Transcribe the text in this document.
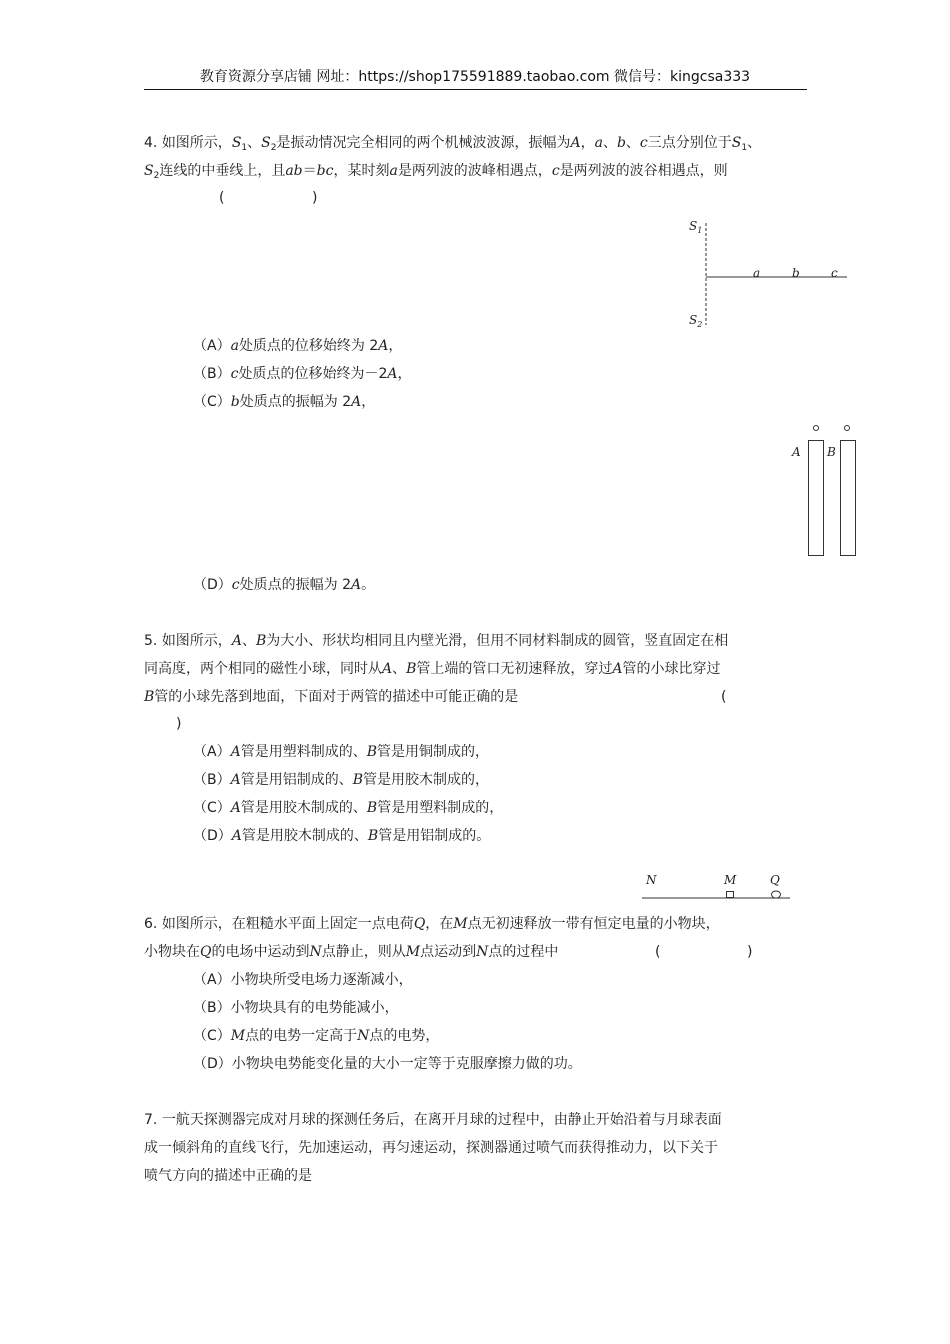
教育资源分享店铺 网址：https://shop175591889.taobao.com 微信号：kingcsa333
4. 如图所示，$S_1$、$S_2$是振动情况完全相同的两个机械波波源，振幅为A，a、b、c三点分别位于$S_1$、
$S_2$连线的中垂线上，且ab＝bc，某时刻a是两列波的波峰相遇点，c是两列波的波谷相遇点，则
(	)
$S_1$
$S_2$
a	b	c
（A）a处质点的位移始终为 2A，
（B）c处质点的位移始终为－2A，
（C）b处质点的振幅为 2A，
A B
（D）c处质点的振幅为 2A。
5. 如图所示，A、B为大小、形状均相同且内壁光滑，但用不同材料制成的圆管，竖直固定在相
同高度，两个相同的磁性小球，同时从A、B管上端的管口无初速释放，穿过A管的小球比穿过
B管的小球先落到地面，下面对于两管的描述中可能正确的是	(
)
（A）A管是用塑料制成的、B管是用铜制成的，
（B）A管是用铝制成的、B管是用胶木制成的，
（C）A管是用胶木制成的、B管是用塑料制成的，
（D）A管是用胶木制成的、B管是用铝制成的。
N	M	Q
6. 如图所示，在粗糙水平面上固定一点电荷Q，在M点无初速释放一带有恒定电量的小物块，
小物块在Q的电场中运动到N点静止，则从M点运动到N点的过程中	(	)
（A）小物块所受电场力逐渐减小，
（B）小物块具有的电势能减小，
（C）M点的电势一定高于N点的电势，
（D）小物块电势能变化量的大小一定等于克服摩擦力做的功。
7. 一航天探测器完成对月球的探测任务后，在离开月球的过程中，由静止开始沿着与月球表面
成一倾斜角的直线飞行，先加速运动，再匀速运动，探测器通过喷气而获得推动力，以下关于
喷气方向的描述中正确的是
